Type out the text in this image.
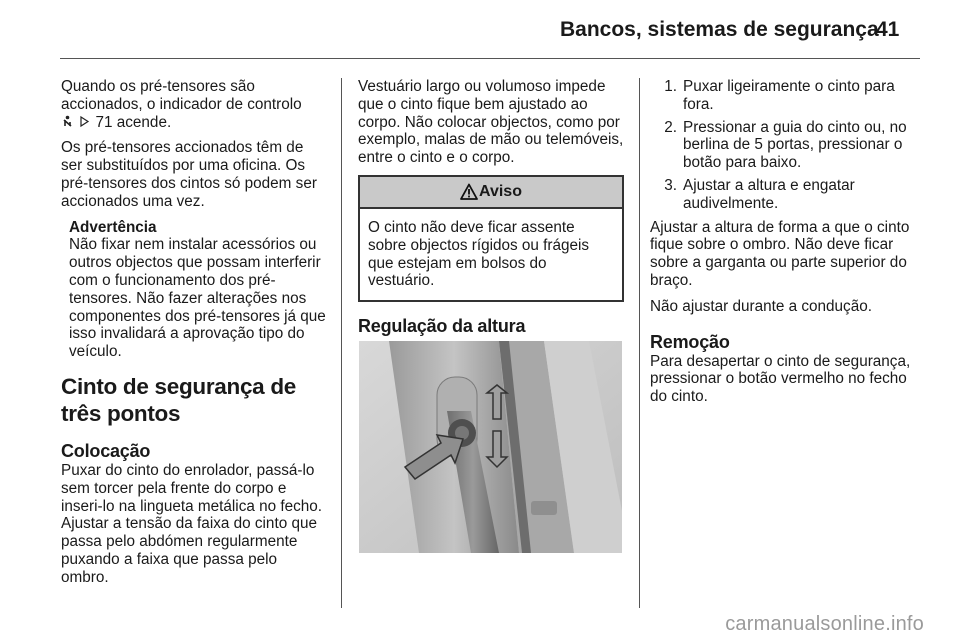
Bancos, sistemas de segurança
41

Quando os pré-tensores são
accionados, o indicador de controlo
71 acende.

Os pré-tensores accionados têm de ser substituídos por uma oficina. Os pré-tensores dos cintos só podem ser accionados uma vez.

Advertência
Não fixar nem instalar acessórios ou outros objectos que possam interferir com o funcionamento dos pré-tensores. Não fazer alterações nos componentes dos pré-tensores já que isso invalidará a aprovação tipo do veículo.
Cinto de segurança de três pontos
Colocação

Puxar do cinto do enrolador, passá-lo sem torcer pela frente do corpo e inseri-lo na lingueta metálica no fecho. Ajustar a tensão da faixa do cinto que passa pelo abdómen regularmente puxando a faixa que passa pelo ombro.

Vestuário largo ou volumoso impede que o cinto fique bem ajustado ao corpo. Não colocar objectos, como por exemplo, malas de mão ou telemóveis, entre o cinto e o corpo.

Aviso
O cinto não deve ficar assente sobre objectos rígidos ou frágeis que estejam em bolsos do vestuário.
Regulação da altura
1. Puxar ligeiramente o cinto para fora.
2. Pressionar a guia do cinto ou, no berlina de 5 portas, pressionar o botão para baixo.
3. Ajustar a altura e engatar audivelmente.

Ajustar a altura de forma a que o cinto fique sobre o ombro. Não deve ficar sobre a garganta ou parte superior do braço.

Não ajustar durante a condução.

Remoção

Para desapertar o cinto de segurança, pressionar o botão vermelho no fecho do cinto.

carmanualsonline.info
